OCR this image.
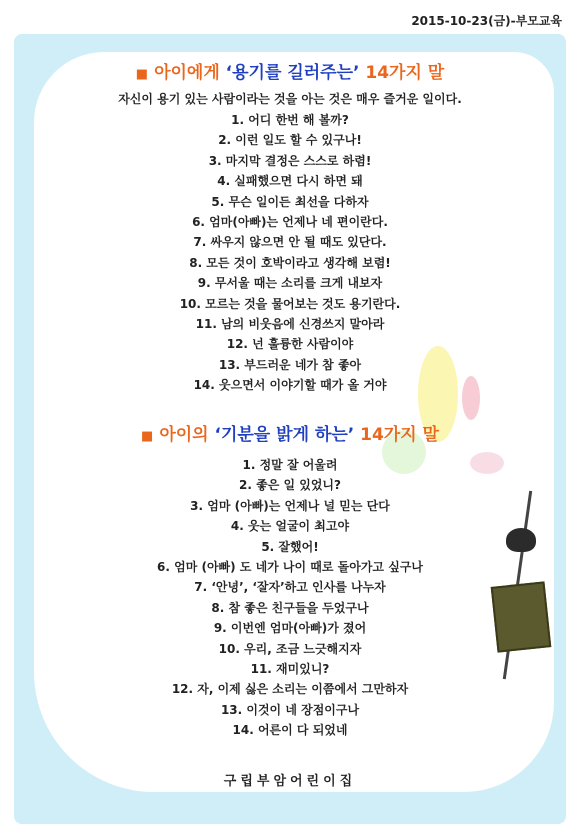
2015-10-23(금)-부모교육
■ 아이에게 ‘용기를 길러주는’ 14가지 말
자신이 용기 있는 사람이라는 것을 아는 것은 매우 즐거운 일이다.
1. 어디 한번 해 볼까?
2. 이런 일도 할 수 있구나!
3. 마지막 결정은 스스로 하렴!
4. 실패했으면 다시 하면 돼
5. 무슨 일이든 최선을 다하자
6. 엄마(아빠)는 언제나 네 편이란다.
7. 싸우지 않으면 안 될 때도 있단다.
8. 모든 것이 호박이라고 생각해 보렴!
9. 무서울 때는 소리를 크게 내보자
10. 모르는 것을 물어보는 것도 용기란다.
11. 남의 비웃음에 신경쓰지 말아라
12. 넌 훌륭한 사람이야
13. 부드러운 네가 참 좋아
14. 웃으면서 이야기할 때가 올 거야
■ 아이의 ‘기분을 밝게 하는’ 14가지 말
1. 정말 잘 어울려
2. 좋은 일 있었니?
3. 엄마 (아빠)는 언제나 널 믿는 단다
4. 웃는 얼굴이 최고야
5. 잘했어!
6. 엄마 (아빠) 도 네가 나이 때로 돌아가고 싶구나
7. ‘안녕’, ‘잘자’하고 인사를 나누자
8. 참 좋은 친구들을 두었구나
9. 이번엔 엄마(아빠)가 졌어
10. 우리, 조금 느긋해지자
11. 재미있니?
12. 자, 이제 싫은 소리는 이쯤에서 그만하자
13. 이것이 네 장점이구나
14. 어른이 다 되었네
구립부암어린이집
